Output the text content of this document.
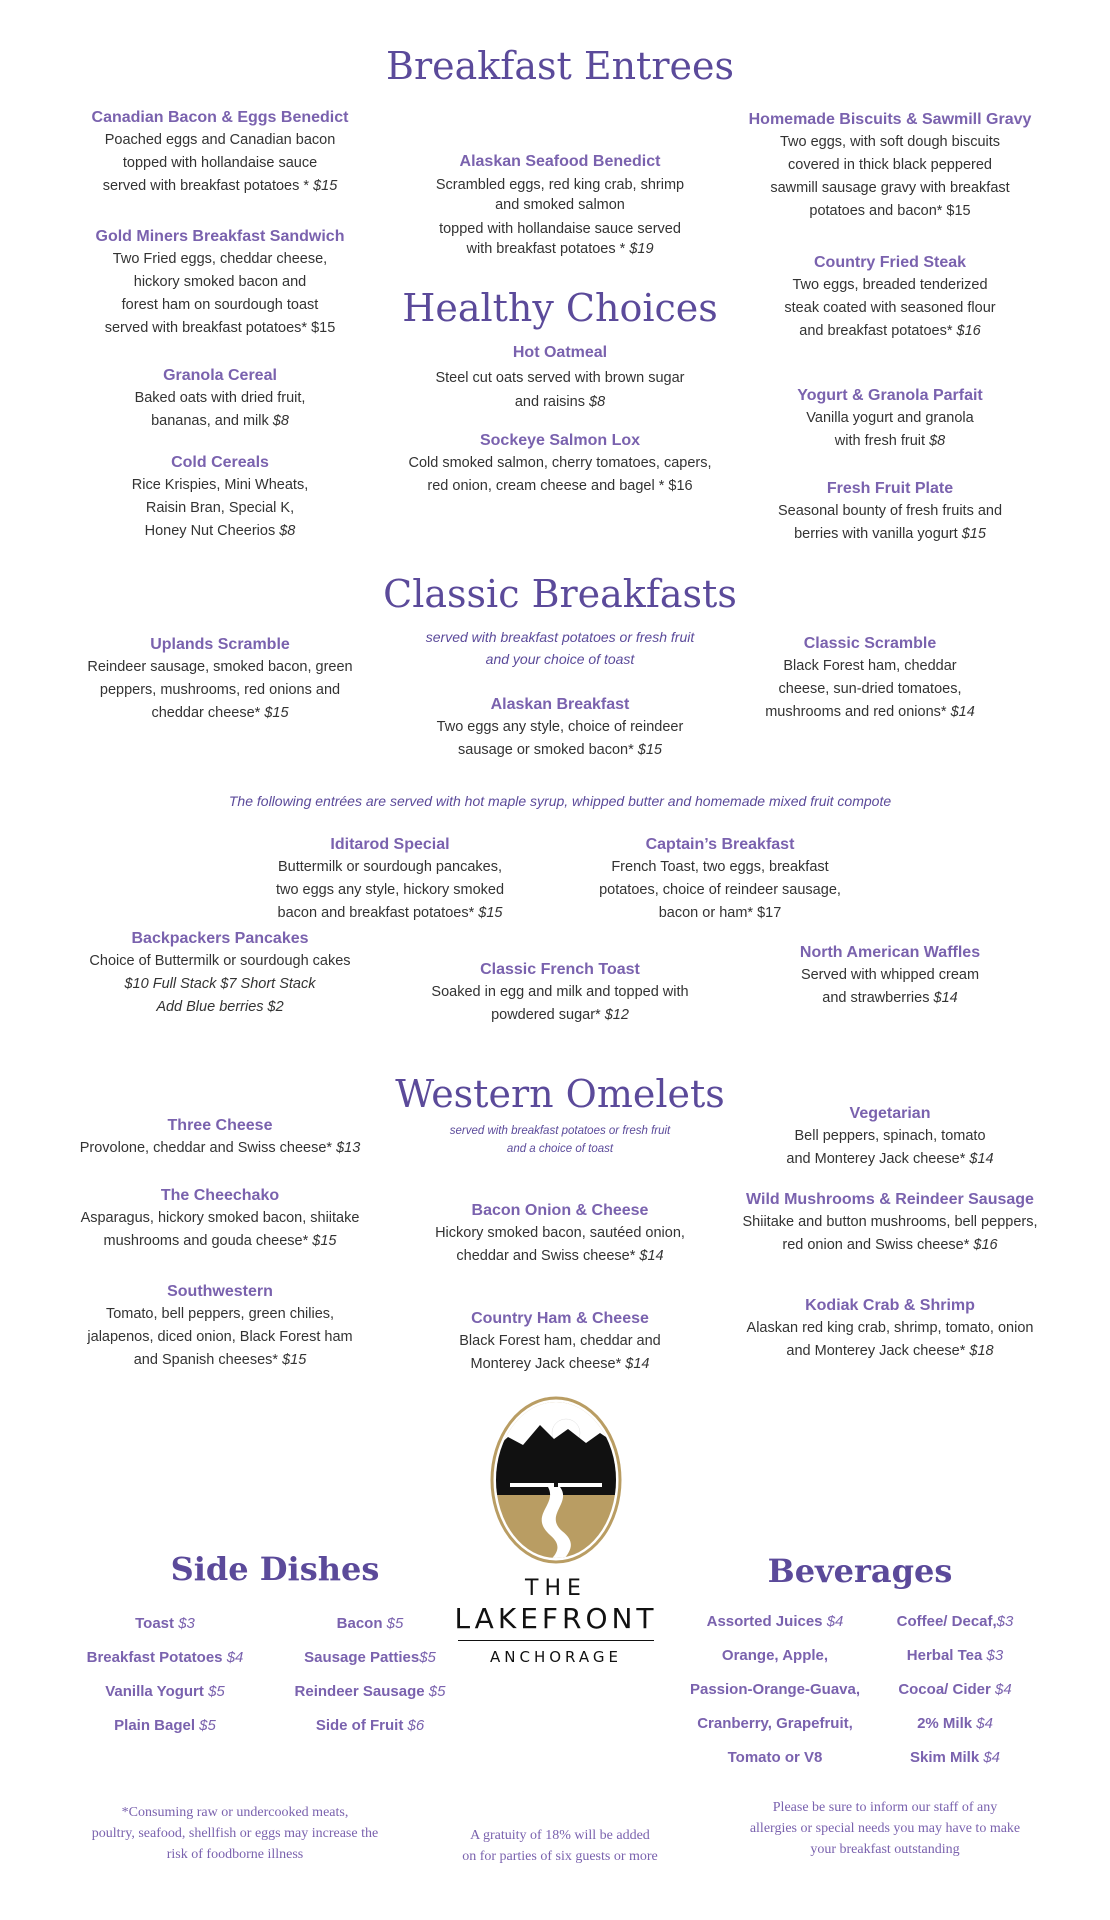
Breakfast Entrees
Canadian Bacon & Eggs Benedict
Poached eggs and Canadian bacon
topped with hollandaise sauce
served with breakfast potatoes * $15
Gold Miners Breakfast Sandwich
Two Fried eggs, cheddar cheese,
hickory smoked bacon and
forest ham on sourdough toast
served with breakfast potatoes* $15
Granola Cereal
Baked oats with dried fruit,
bananas, and milk $8
Cold Cereals
Rice Krispies, Mini Wheats,
Raisin Bran, Special K,
Honey Nut Cheerios $8
Alaskan Seafood Benedict
Scrambled eggs, red king crab, shrimp
and smoked salmon
topped with hollandaise sauce served
with breakfast potatoes * $19
Homemade Biscuits & Sawmill Gravy
Two eggs, with soft dough biscuits
covered in thick black peppered
sawmill sausage gravy with breakfast
potatoes and bacon* $15
Country Fried Steak
Two eggs, breaded tenderized
steak coated with seasoned flour
and breakfast potatoes* $16
Healthy Choices
Hot Oatmeal
Steel cut oats served with brown sugar
and raisins $8
Sockeye Salmon Lox
Cold smoked salmon, cherry tomatoes, capers,
red onion, cream cheese and bagel * $16
Yogurt & Granola Parfait
Vanilla yogurt and granola
with fresh fruit $8
Fresh Fruit Plate
Seasonal bounty of fresh fruits and
berries with vanilla yogurt $15
Classic Breakfasts
served with breakfast potatoes or fresh fruit
and your choice of toast
Uplands Scramble
Reindeer sausage, smoked bacon, green
peppers, mushrooms, red onions and
cheddar cheese* $15	Alaskan Breakfast
Two eggs any style, choice of reindeer
sausage or smoked bacon* $15
Classic Scramble
Black Forest ham, cheddar
cheese, sun-dried tomatoes,
mushrooms and red onions* $14
The following entrées are served with hot maple syrup, whipped butter and homemade mixed fruit compote
Iditarod Special
Buttermilk or sourdough pancakes,
two eggs any style, hickory smoked
bacon and breakfast potatoes* $15
Captain’s Breakfast
French Toast, two eggs, breakfast
potatoes, choice of reindeer sausage,
bacon or ham* $17
Backpackers Pancakes
Choice of Buttermilk or sourdough cakes
$10 Full Stack $7 Short Stack
Add Blue berries $2
Classic French Toast
Soaked in egg and milk and topped with
powdered sugar* $12
North American Waffles
Served with whipped cream
and strawberries $14
Western Omelets
served with breakfast potatoes or fresh fruit
and a choice of toast
Three Cheese
Provolone, cheddar and Swiss cheese* $13
The Cheechako
Asparagus, hickory smoked bacon, shiitake
mushrooms and gouda cheese* $15
Southwestern
Tomato, bell peppers, green chilies,
jalapenos, diced onion, Black Forest ham
and Spanish cheeses* $15
Bacon Onion & Cheese
Hickory smoked bacon, sautéed onion,
cheddar and Swiss cheese* $14
Country Ham & Cheese
Black Forest ham, cheddar and
Monterey Jack cheese* $14
Vegetarian
Bell peppers, spinach, tomato
and Monterey Jack cheese* $14
Wild Mushrooms & Reindeer Sausage
Shiitake and button mushrooms, bell peppers,
red onion and Swiss cheese* $16
Kodiak Crab & Shrimp
Alaskan red king crab, shrimp, tomato, onion
and Monterey Jack cheese* $18
THE
LAKEFRONT
ANCHORAGE
Side Dishes
Toast $3
Breakfast Potatoes $4
Vanilla Yogurt $5
Plain Bagel $5
Bacon $5
Sausage Patties$5
Reindeer Sausage $5
Side of Fruit $6
Beverages
Assorted Juices $4
Orange, Apple,
Passion-Orange-Guava,
Cranberry, Grapefruit,
Tomato or V8
Coffee/ Decaf,$3
Herbal Tea $3
Cocoa/ Cider $4
2% Milk $4
Skim Milk $4
*Consuming raw or undercooked meats,
poultry, seafood, shellfish or eggs may increase the
risk of foodborne illness
A gratuity of 18% will be added
on for parties of six guests or more
Please be sure to inform our staff of any
allergies or special needs you may have to make
your breakfast outstanding
